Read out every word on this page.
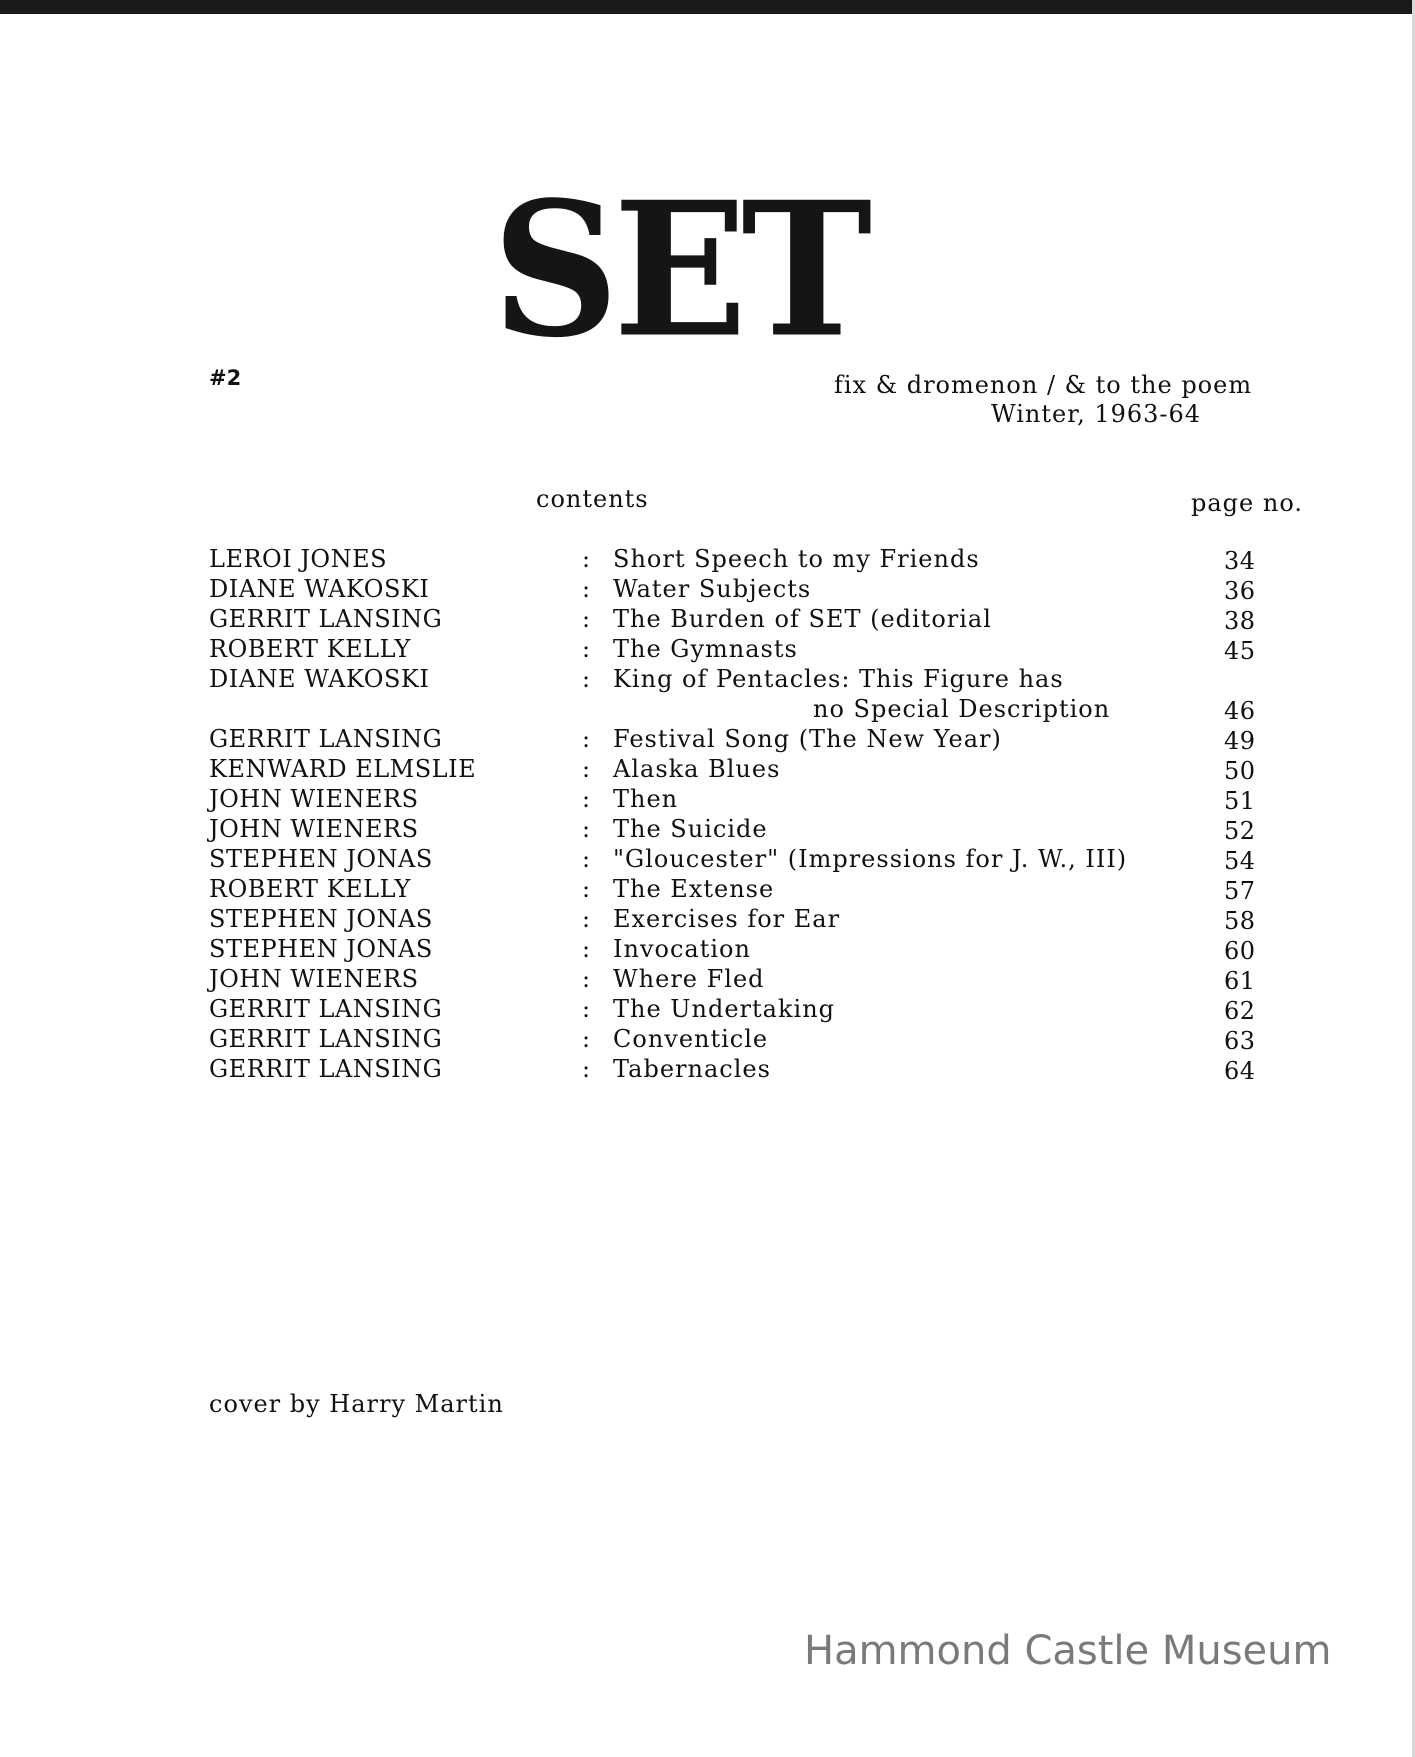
SET
#2	fix & dromenon / & to the poem
Winter, 1963-64
contents	page no.
LEROI JONES	: Short Speech to my Friends	34
DIANE WAKOSKI	: Water Subjects	36
GERRIT LANSING	: The Burden of SET (editorial	38
ROBERT KELLY	: The Gymnasts	45
DIANE WAKOSKI	: King of Pentacles: This Figure has
no Special Description	46
GERRIT LANSING	: Festival Song (The New Year)	49
KENWARD ELMSLIE	: Alaska Blues	50
JOHN WIENERS	: Then	51
JOHN WIENERS	: The Suicide	52
STEPHEN JONAS	: "Gloucester" (Impressions for J. W., III)	54
ROBERT KELLY	: The Extense	57
STEPHEN JONAS	: Exercises for Ear	58
STEPHEN JONAS	: Invocation	60
JOHN WIENERS	: Where Fled	61
GERRIT LANSING	: The Undertaking	62
GERRIT LANSING	: Conventicle	63
GERRIT LANSING	: Tabernacles	64
cover by Harry Martin
Hammond Castle Museum
